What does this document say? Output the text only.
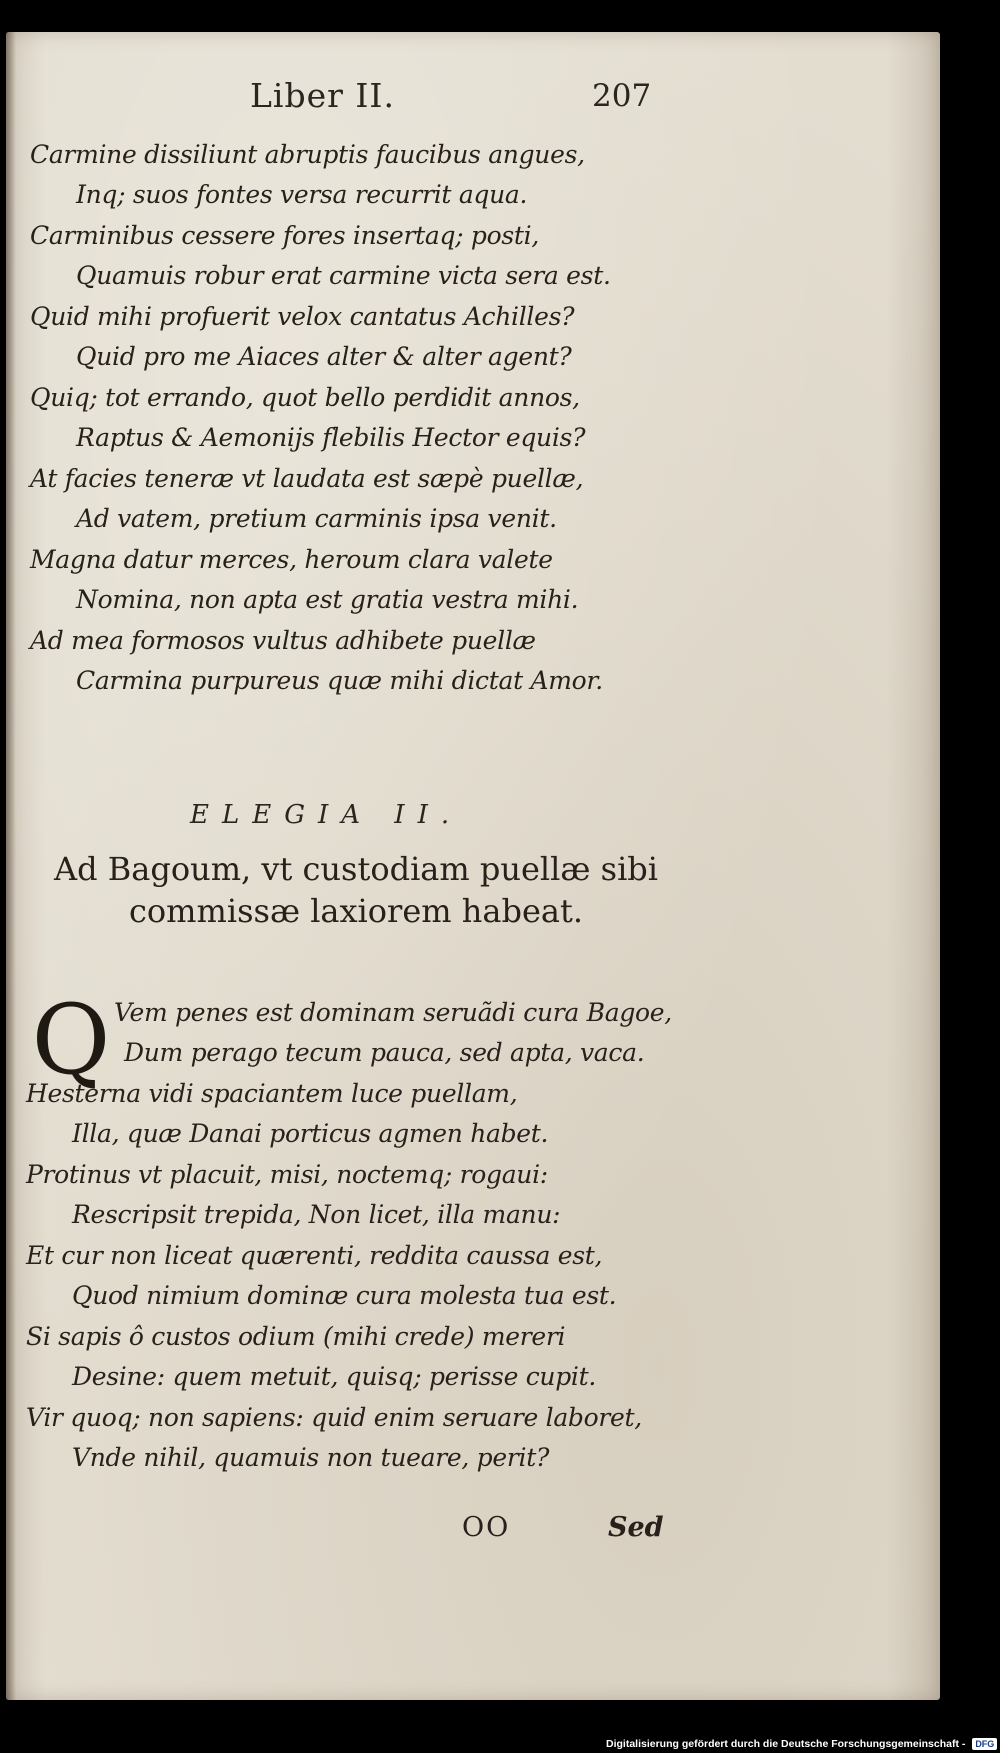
Liber II.	207
Carmine dissiliunt abruptis faucibus angues,
Inq; suos fontes versa recurrit aqua.
Carminibus cessere fores insertaq; posti,
Quamuis robur erat carmine victa sera est.
Quid mihi profuerit velox cantatus Achilles?
Quid pro me Aiaces alter & alter agent?
Quiq; tot errando, quot bello perdidit annos,
Raptus & Aemonijs flebilis Hector equis?
At facies teneræ vt laudata est sæpè puellæ,
Ad vatem, pretium carminis ipsa venit.
Magna datur merces, heroum clara valete
Nomina, non apta est gratia vestra mihi.
Ad mea formosos vultus adhibete puellæ
Carmina purpureus quæ mihi dictat Amor.
ELEGIA II.
Ad Bagoum, vt custodiam puellæ sibi
commissæ laxiorem habeat.
Q Vem penes est dominam seruãdi cura Bagoe,
Dum perago tecum pauca, sed apta, vaca.
Hesterna vidi spaciantem luce puellam,
Illa, quæ Danai porticus agmen habet.
Protinus vt placuit, misi, noctemq; rogaui:
Rescripsit trepida, Non licet, illa manu:
Et cur non liceat quærenti, reddita caussa est,
Quod nimium dominæ cura molesta tua est.
Si sapis ô custos odium (mihi crede) mereri
Desine: quem metuit, quisq; perisse cupit.
Vir quoq; non sapiens: quid enim seruare laboret,
Vnde nihil, quamuis non tueare, perit?
OO	Sed
Digitalisierung gefördert durch die Deutsche Forschungsgemeinschaft - DFG
